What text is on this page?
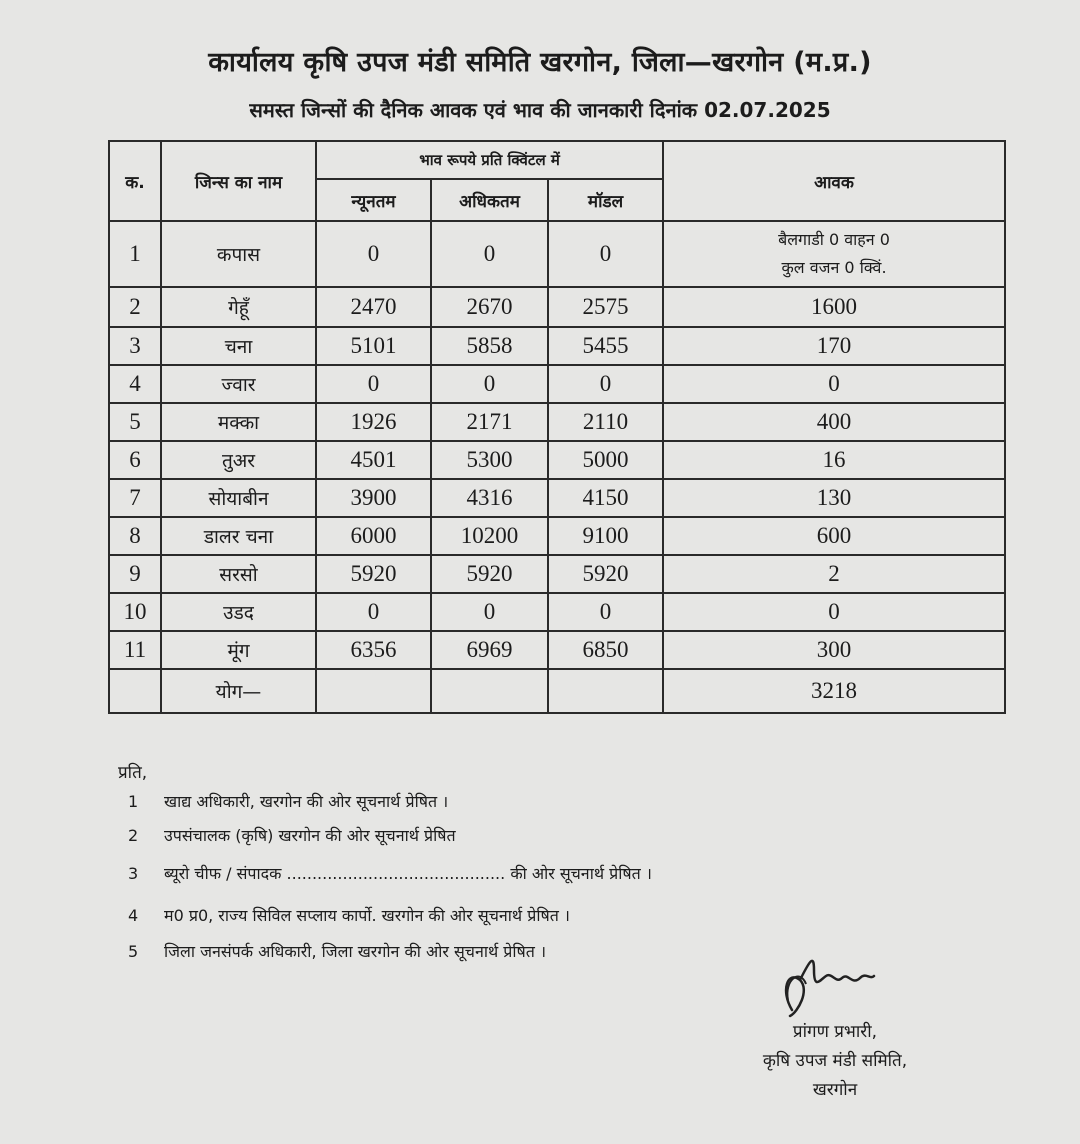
कार्यालय कृषि उपज मंडी समिति खरगोन, जिला—खरगोन (म.प्र.)
समस्त जिन्सों की दैनिक आवक एवं भाव की जानकारी दिनांक 02.07.2025
क.	जिन्स का नाम	भाव रूपये प्रति क्विंटल में			आवक
		न्यूनतम	अधिकतम	मॉडल	
1	कपास	0	0	0	बैलगाडी 0 वाहन 0
कुल वजन 0 क्विं.

2	गेहूँ	2470	2670	2575	1600
3	चना	5101	5858	5455	170
4	ज्वार	0	0	0	0
5	मक्का	1926	2171	2110	400
6	तुअर	4501	5300	5000	16
7	सोयाबीन	3900	4316	4150	130
8	डालर चना	6000	10200	9100	600
9	सरसो	5920	5920	5920	2
10	उडद	0	0	0	0
11	मूंग	6356	6969	6850	300
	योग—				3218
प्रति,
1 खाद्य अधिकारी, खरगोन की ओर सूचनार्थ प्रेषित ।
2 उपसंचालक (कृषि) खरगोन की ओर सूचनार्थ प्रेषित
3 ब्यूरो चीफ / संपादक ........................................... की ओर सूचनार्थ प्रेषित ।
4 म0 प्र0, राज्य सिविल सप्लाय कार्पो. खरगोन की ओर सूचनार्थ प्रेषित ।
5 जिला जनसंपर्क अधिकारी, जिला खरगोन की ओर सूचनार्थ प्रेषित ।
प्रांगण प्रभारी,
कृषि उपज मंडी समिति,
खरगोन
